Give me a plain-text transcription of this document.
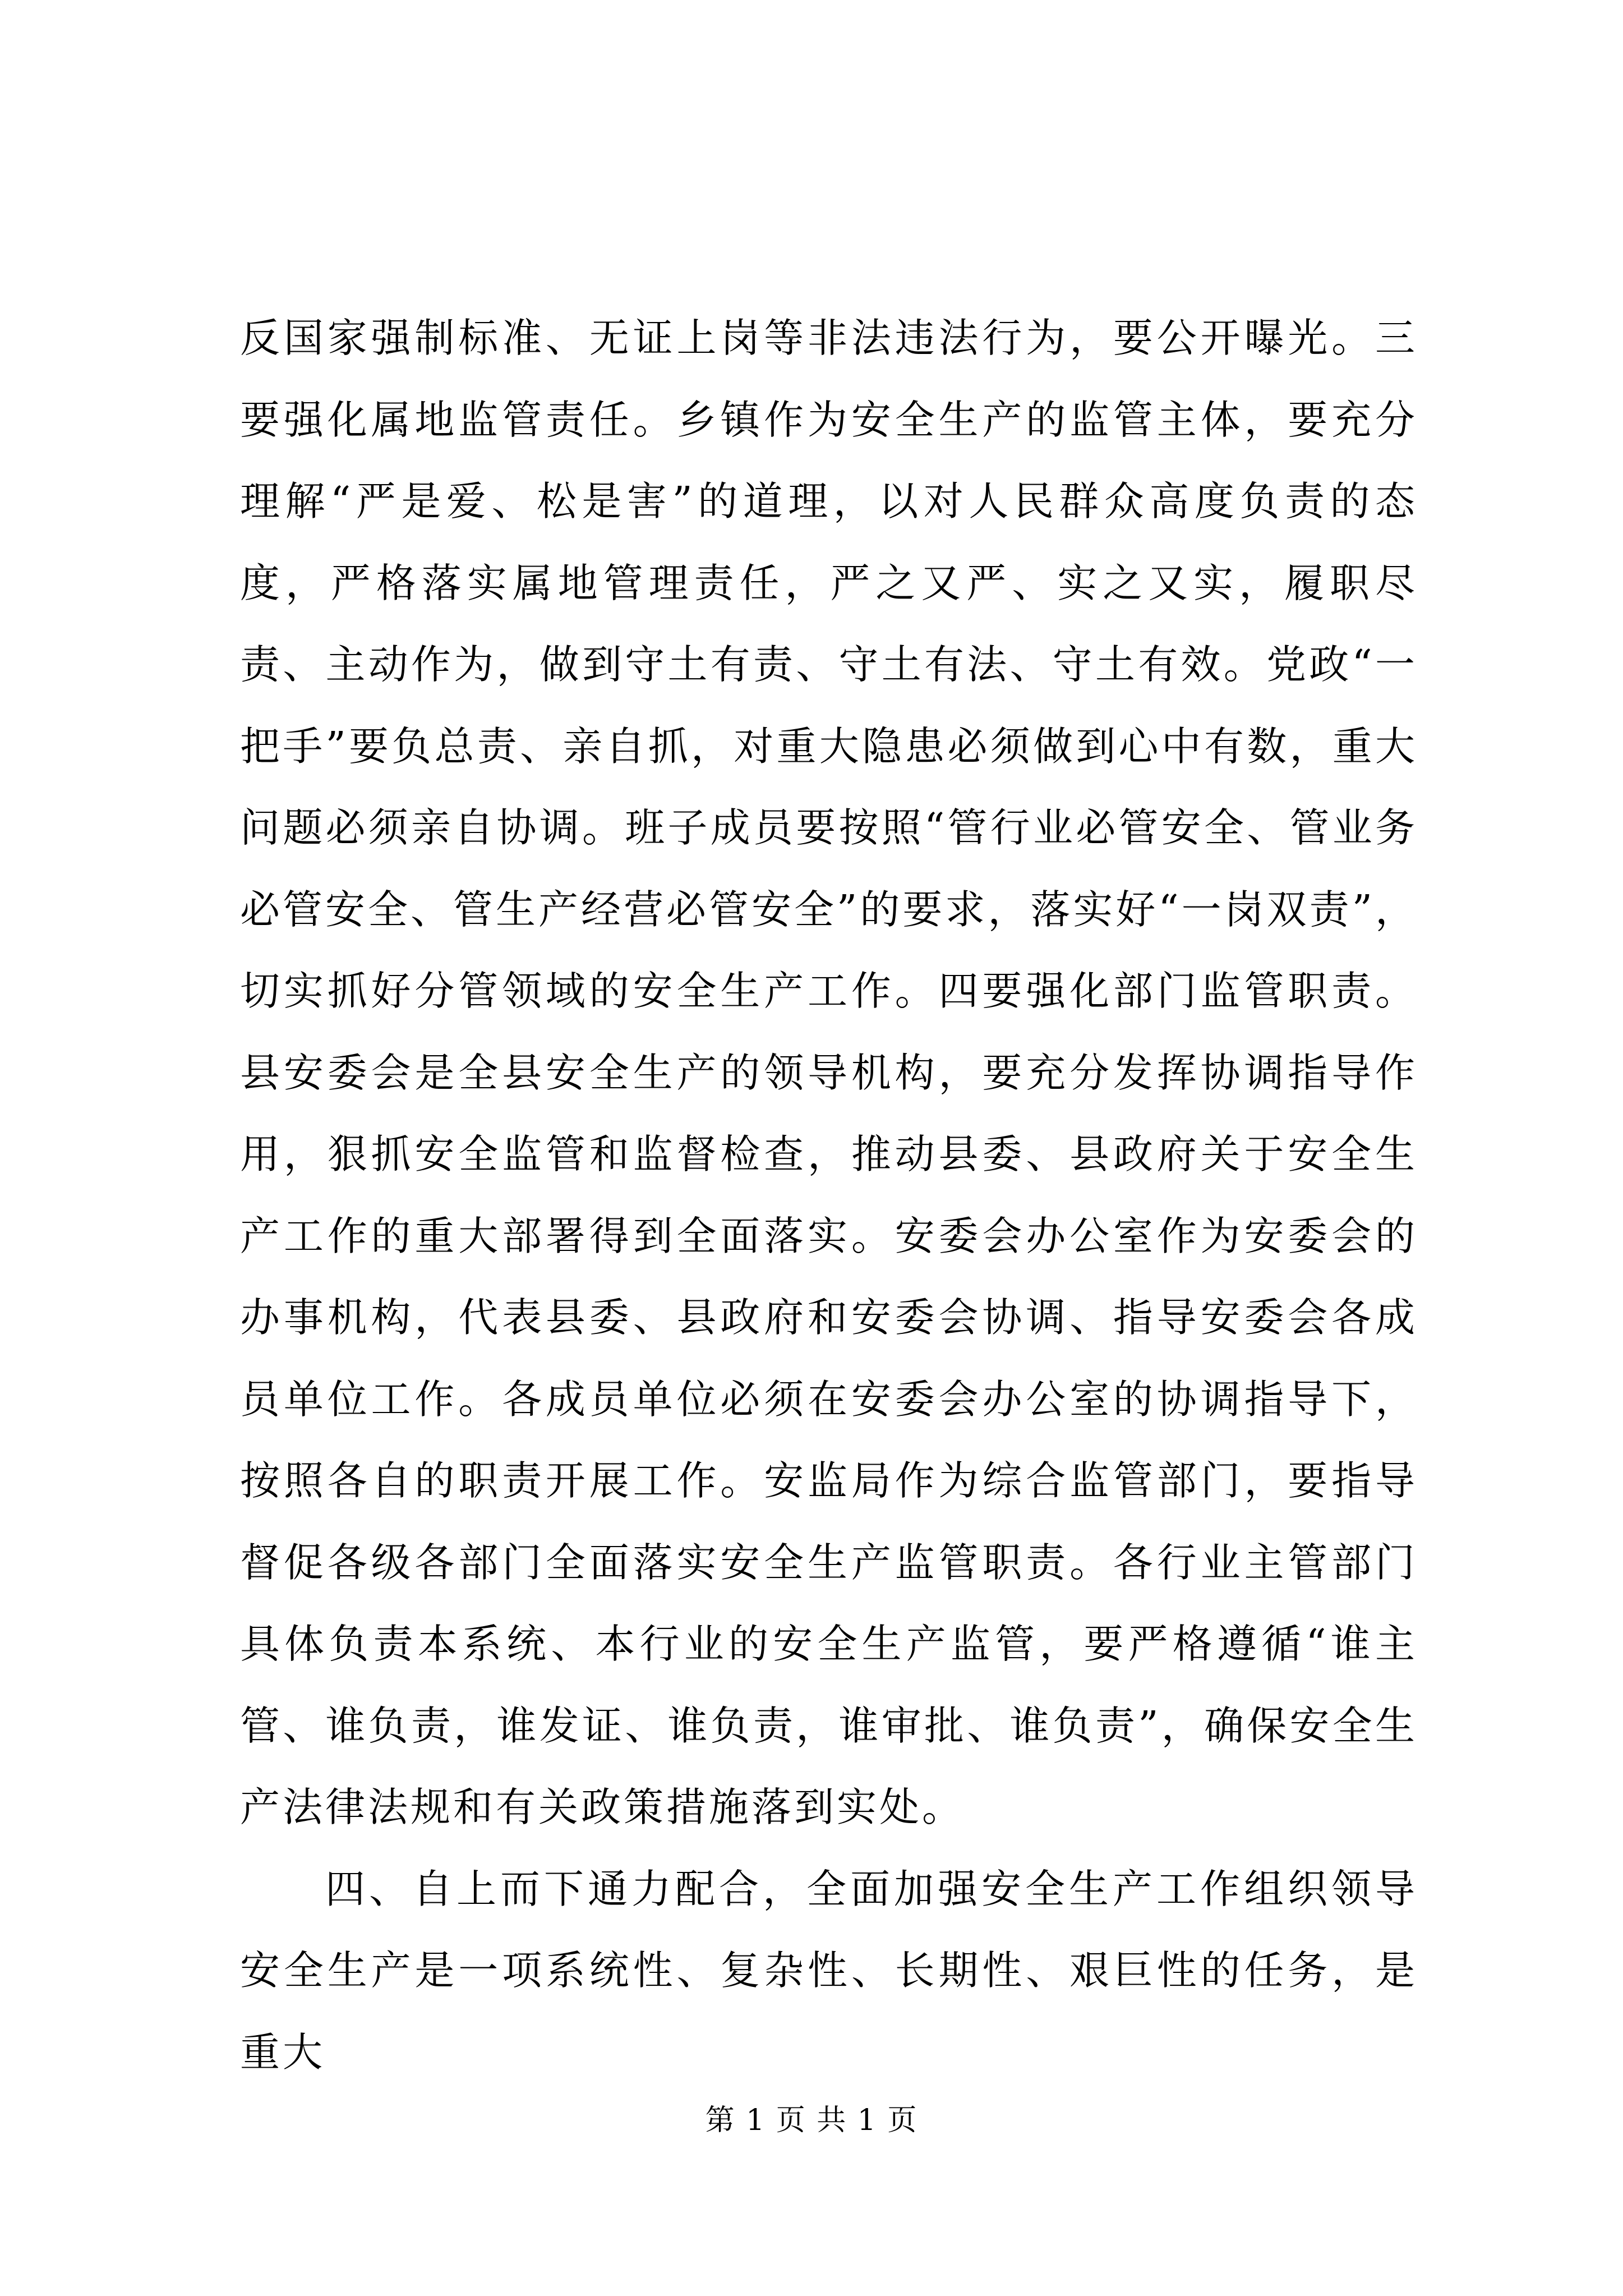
反国家强制标准、无证上岗等非法违法行为，要公开曝光。三要强化属地监管责任。乡镇作为安全生产的监管主体，要充分理解“严是爱、松是害”的道理，以对人民群众高度负责的态度，严格落实属地管理责任，严之又严、实之又实，履职尽责、主动作为，做到守土有责、守土有法、守土有效。党政“一把手”要负总责、亲自抓，对重大隐患必须做到心中有数，重大问题必须亲自协调。班子成员要按照“管行业必管安全、管业务必管安全、管生产经营必管安全”的要求，落实好“一岗双责”，切实抓好分管领域的安全生产工作。四要强化部门监管职责。县安委会是全县安全生产的领导机构，要充分发挥协调指导作用，狠抓安全监管和监督检查，推动县委、县政府关于安全生产工作的重大部署得到全面落实。安委会办公室作为安委会的办事机构，代表县委、县政府和安委会协调、指导安委会各成员单位工作。各成员单位必须在安委会办公室的协调指导下，按照各自的职责开展工作。安监局作为综合监管部门，要指导督促各级各部门全面落实安全生产监管职责。各行业主管部门具体负责本系统、本行业的安全生产监管，要严格遵循“谁主管、谁负责，谁发证、谁负责，谁审批、谁负责”，确保安全生产法律法规和有关政策措施落到实处。

四、自上而下通力配合，全面加强安全生产工作组织领导安全生产是一项系统性、复杂性、长期性、艰巨性的任务，是重大

第 1 页 共 1 页
